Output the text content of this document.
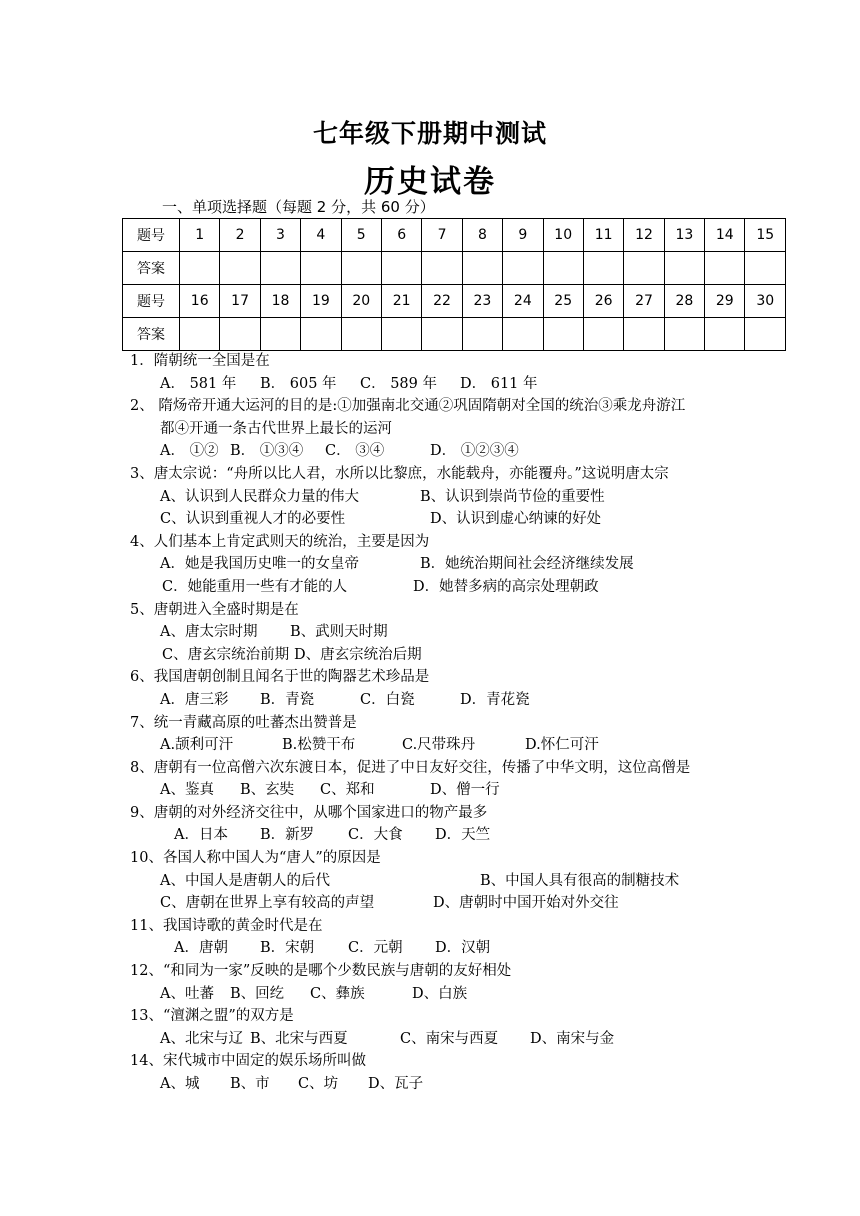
七年级下册期中测试
历史试卷
一、单项选择题（每题 2 分，共 60 分）
题号	1	2	3	4	5	6	7	8	9	10	11	12	13	14	15
答案															
题号	16	17	18	19	20	21	22	23	24	25	26	27	28	29	30
答案															
1．隋朝统一全国是在
A． 581 年 B． 605 年 C． 589 年 D． 611 年
2、 隋炀帝开通大运河的目的是:①加强南北交通②巩固隋朝对全国的统治③乘龙舟游江
都④开通一条古代世界上最长的运河
A． ①② B． ①③④ C． ③④	D． ①②③④
3、唐太宗说：“舟所以比人君，水所以比黎庶，水能载舟，亦能覆舟。”这说明唐太宗
A、认识到人民群众力量的伟大	B、认识到崇尚节俭的重要性
C、认识到重视人才的必要性	D、认识到虚心纳谏的好处
4、人们基本上肯定武则天的统治，主要是因为
A．她是我国历史唯一的女皇帝	B．她统治期间社会经济继续发展
C．她能重用一些有才能的人	D．她替多病的高宗处理朝政
5、唐朝进入全盛时期是在
A、唐太宗时期 B、武则天时期
C、唐玄宗统治前期 D、唐玄宗统治后期
6、我国唐朝创制且闻名于世的陶器艺术珍品是
A．唐三彩 B．青瓷	C．白瓷	D．青花瓷
7、统一青藏高原的吐蕃杰出赞普是
A.颉利可汗	B.松赞干布	C.尺带珠丹	D.怀仁可汗
8、唐朝有一位高僧六次东渡日本，促进了中日友好交往，传播了中华文明，这位高僧是
A、鉴真 B、玄奘 C、郑和	D、僧一行
9、唐朝的对外经济交往中，从哪个国家进口的物产最多
A．日本 B．新罗 C．大食 D．天竺
10、各国人称中国人为“唐人”的原因是
A、中国人是唐朝人的后代	B、中国人具有很高的制糖技术
C、唐朝在世界上享有较高的声望	D、唐朝时中国开始对外交往
11、我国诗歌的黄金时代是在
A．唐朝 B．宋朝 C．元朝 D．汉朝
12、“和同为一家”反映的是哪个少数民族与唐朝的友好相处
A、吐蕃 B、回纥 C、彝族	D、白族
13、“澶渊之盟”的双方是
A、北宋与辽 B、北宋与西夏	C、南宋与西夏 D、南宋与金
14、宋代城市中固定的娱乐场所叫做
A、城 B、市 C、坊 D、瓦子
